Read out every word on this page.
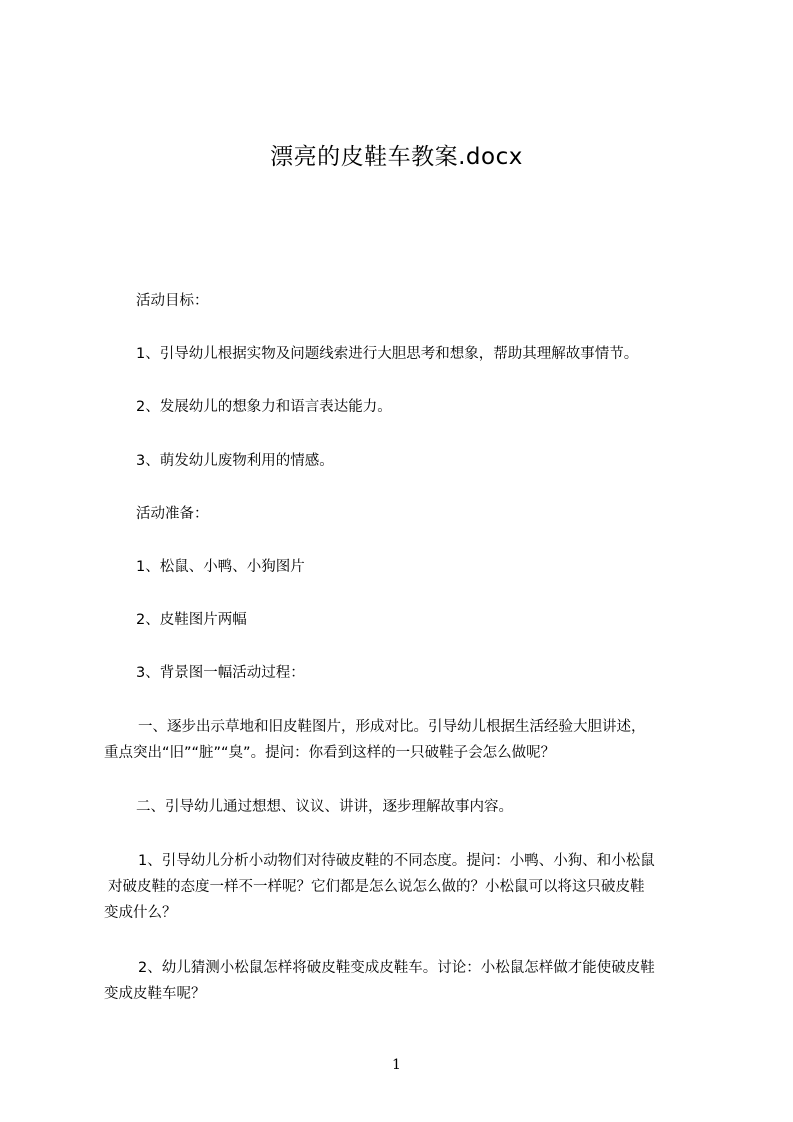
漂亮的皮鞋车教案.docx
活动目标：
1、引导幼儿根据实物及问题线索进行大胆思考和想象，帮助其理解故事情节。
2、发展幼儿的想象力和语言表达能力。
3、萌发幼儿废物利用的情感。
活动准备：
1、松鼠、小鸭、小狗图片
2、皮鞋图片两幅
3、背景图一幅活动过程：
一、逐步出示草地和旧皮鞋图片，形成对比。引导幼儿根据生活经验大胆讲述，
重点突出“旧”“脏”“臭”。提问：你看到这样的一只破鞋子会怎么做呢？
二、引导幼儿通过想想、议议、讲讲，逐步理解故事内容。
1、引导幼儿分析小动物们对待破皮鞋的不同态度。提问：小鸭、小狗、和小松鼠
对破皮鞋的态度一样不一样呢？它们都是怎么说怎么做的？小松鼠可以将这只破皮鞋
变成什么？
2、幼儿猜测小松鼠怎样将破皮鞋变成皮鞋车。讨论：小松鼠怎样做才能使破皮鞋
变成皮鞋车呢？
1
